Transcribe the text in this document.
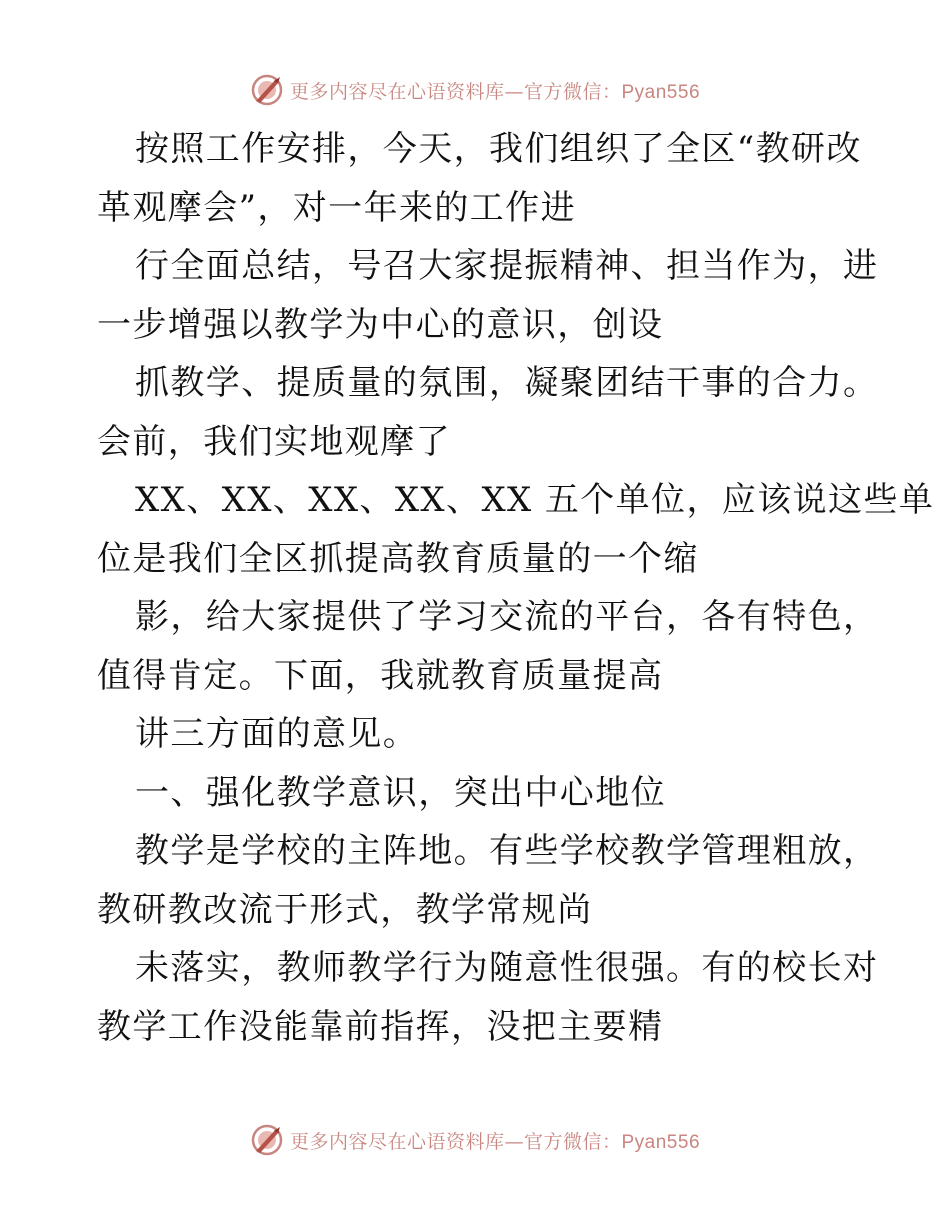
更多内容尽在心语资料库—官方微信：Pyan556
按照工作安排，今天，我们组织了全区“教研改
革观摩会”，对一年来的工作进
行全面总结，号召大家提振精神、担当作为，进
一步增强以教学为中心的意识，创设
抓教学、提质量的氛围，凝聚团结干事的合力。
会前，我们实地观摩了
XX、XX、XX、XX、XX 五个单位，应该说这些单
位是我们全区抓提高教育质量的一个缩
影，给大家提供了学习交流的平台，各有特色，
值得肯定。下面，我就教育质量提高
讲三方面的意见。
一、强化教学意识，突出中心地位
教学是学校的主阵地。有些学校教学管理粗放，
教研教改流于形式，教学常规尚
未落实，教师教学行为随意性很强。有的校长对
教学工作没能靠前指挥，没把主要精
更多内容尽在心语资料库—官方微信：Pyan556
